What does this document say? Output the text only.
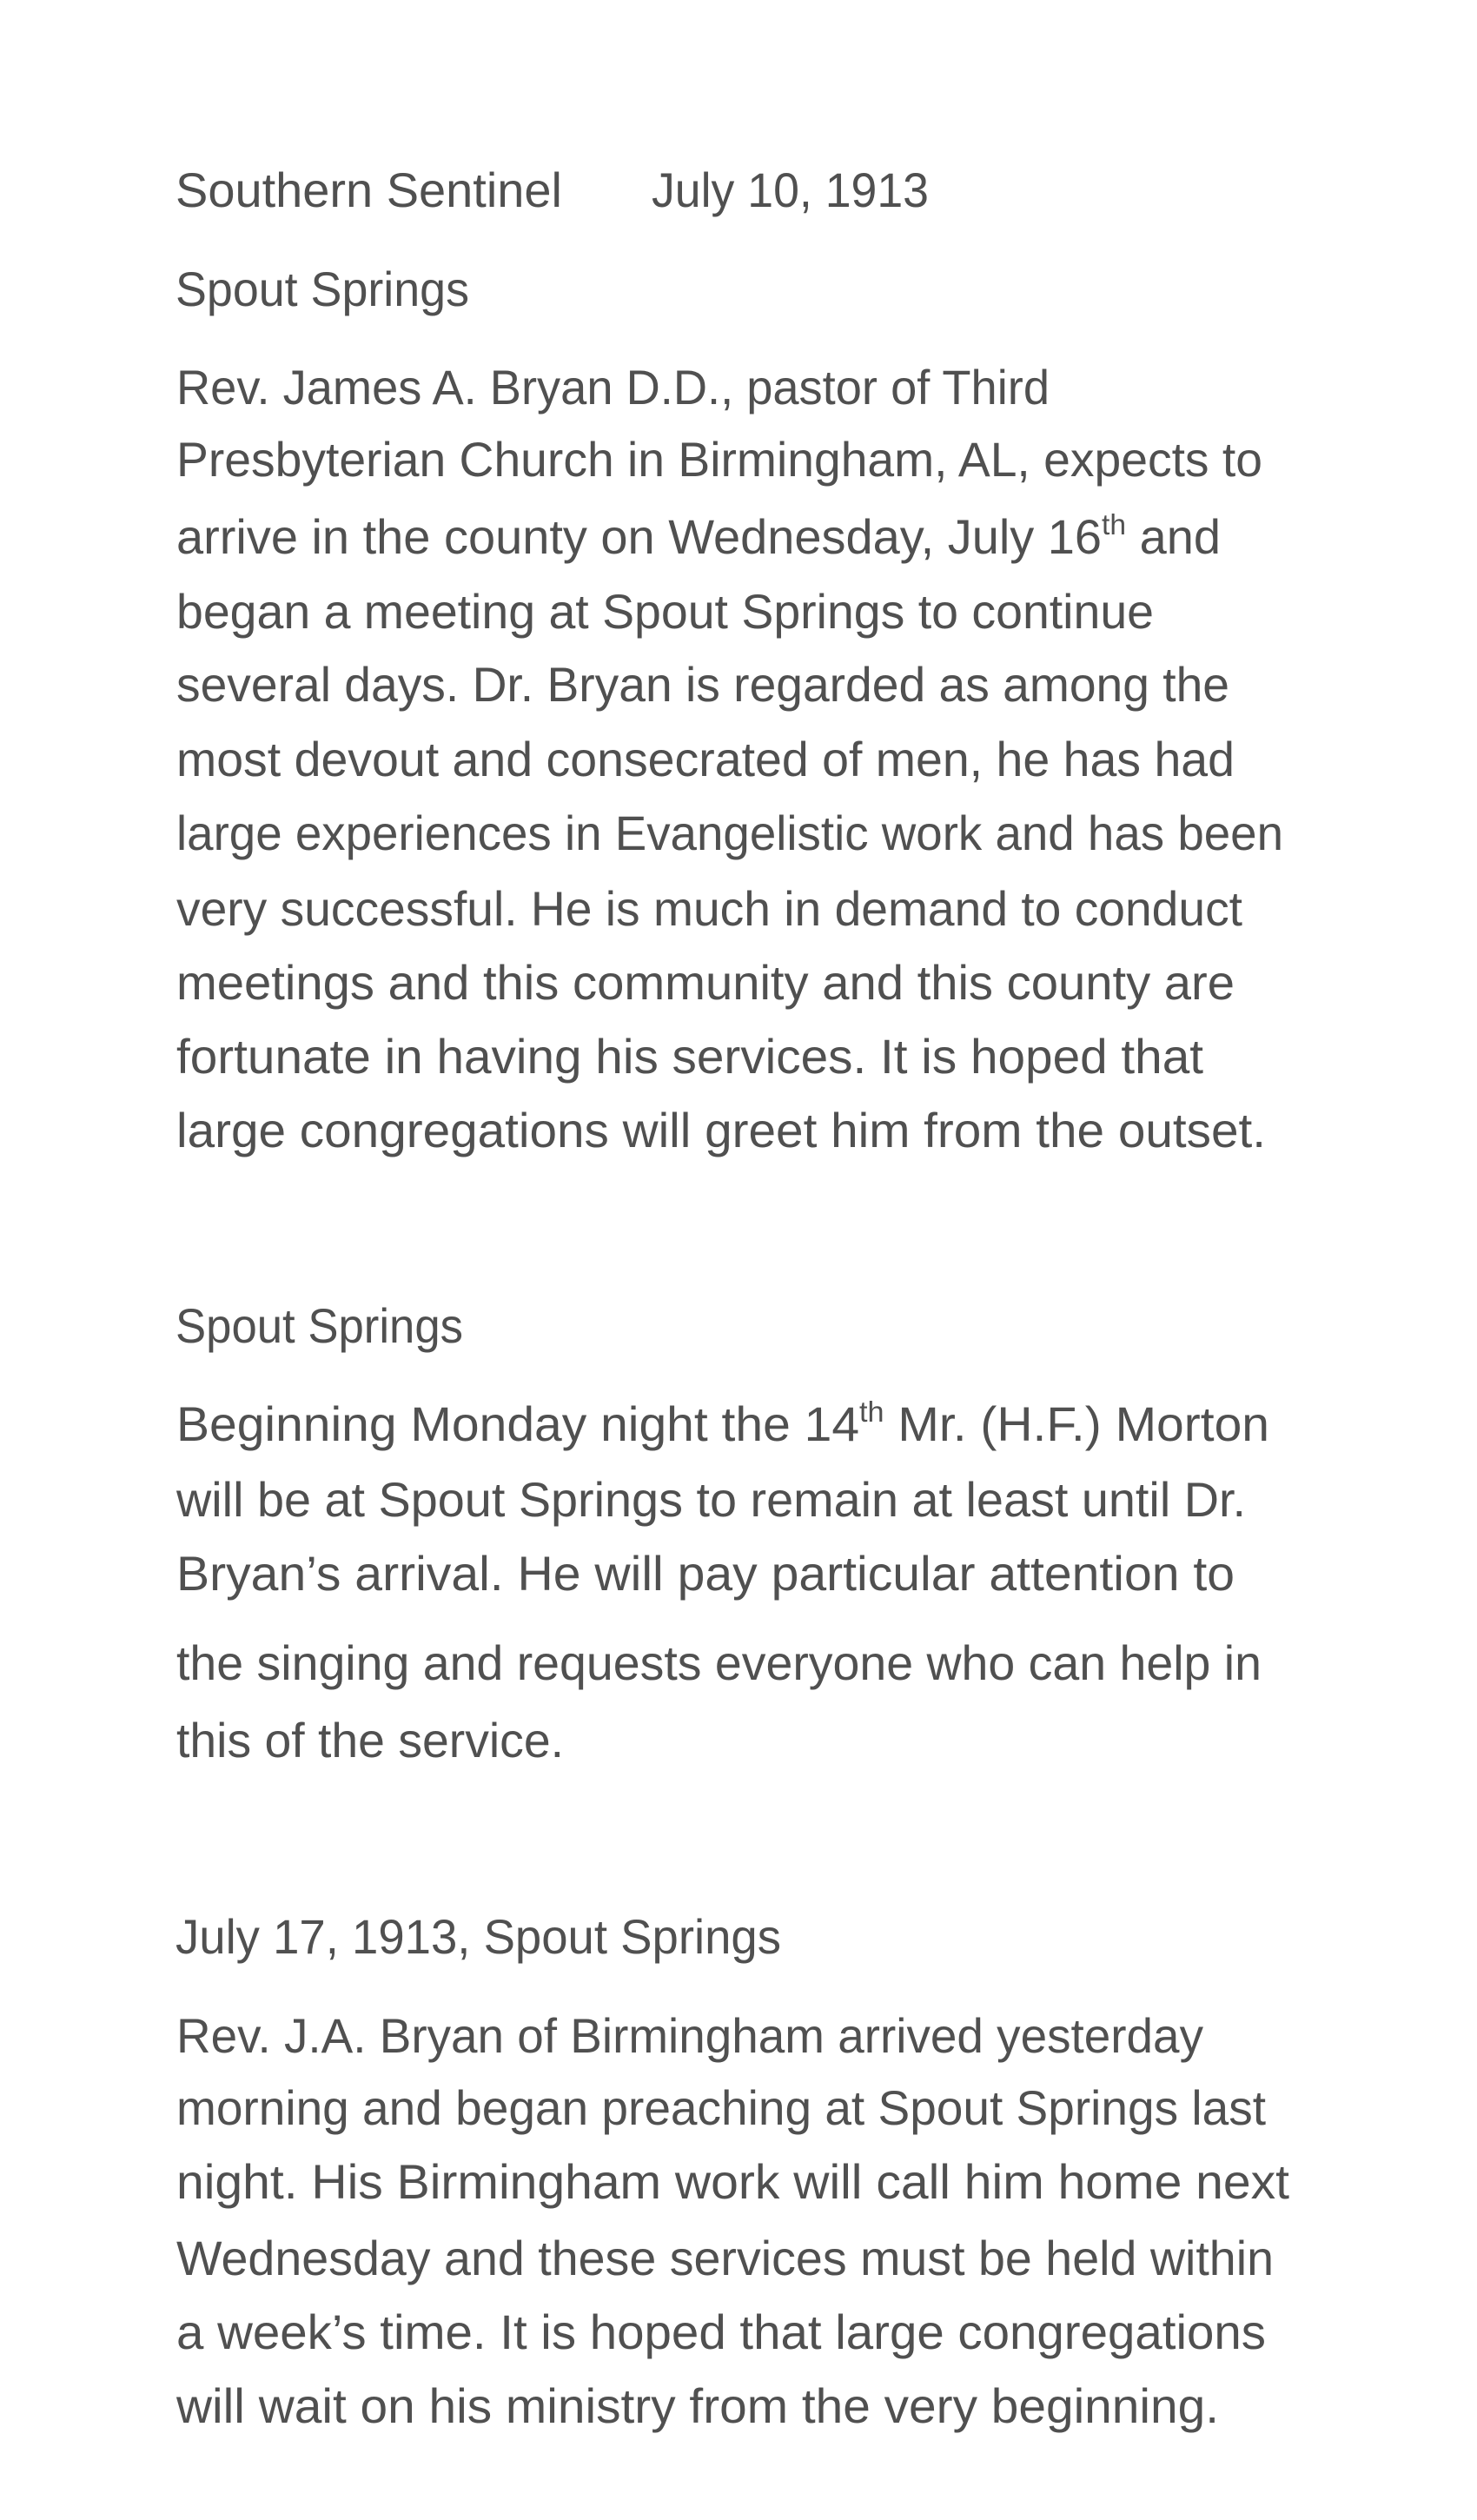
Southern Sentinel July 10, 1913
Spout Springs
Rev. James A. Bryan D.D., pastor of Third
Presbyterian Church in Birmingham, AL, expects to
arrive in the county on Wednesday, July 16th and
began a meeting at Spout Springs to continue
several days. Dr. Bryan is regarded as among the
most devout and consecrated of men, he has had
large experiences in Evangelistic work and has been
very successful. He is much in demand to conduct
meetings and this community and this county are
fortunate in having his services. It is hoped that
large congregations will greet him from the outset.
Spout Springs
Beginning Monday night the 14th Mr. (H.F.) Morton
will be at Spout Springs to remain at least until Dr.
Bryan’s arrival. He will pay particular attention to
the singing and requests everyone who can help in
this of the service.
July 17, 1913, Spout Springs
Rev. J.A. Bryan of Birmingham arrived yesterday
morning and began preaching at Spout Springs last
night. His Birmingham work will call him home next
Wednesday and these services must be held within
a week’s time. It is hoped that large congregations
will wait on his ministry from the very beginning.
